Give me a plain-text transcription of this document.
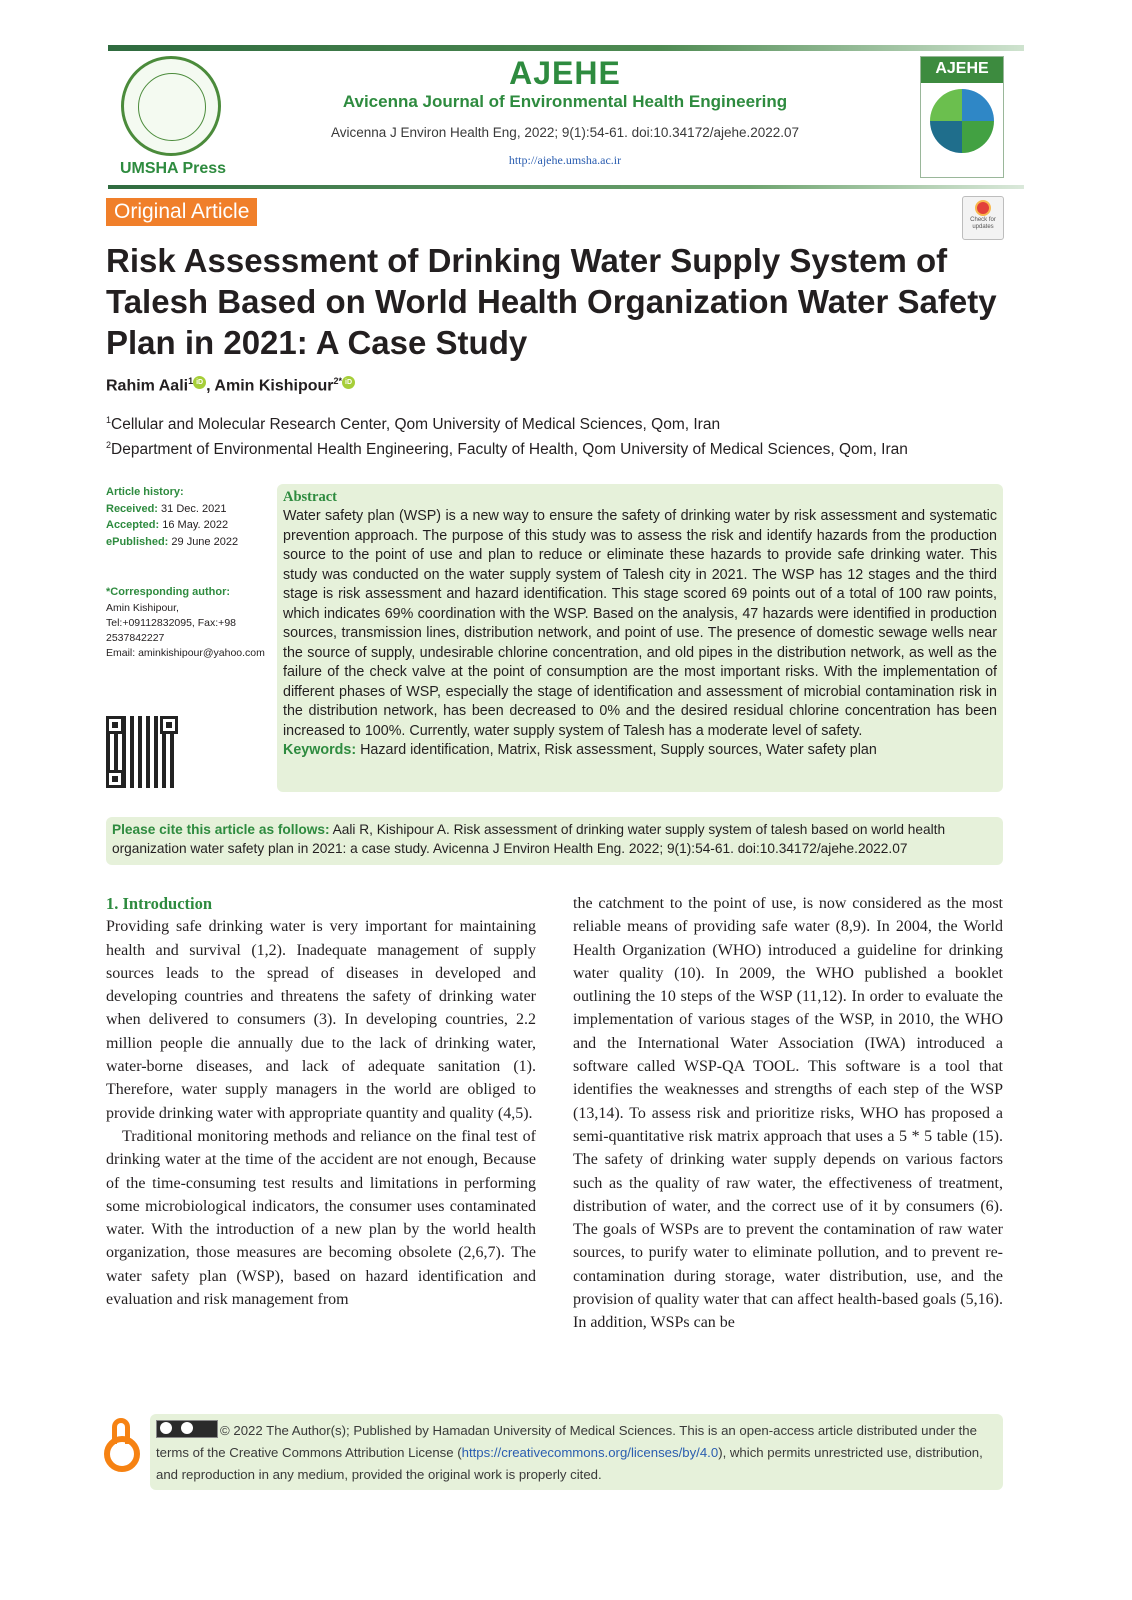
UMSHA Press
AJEHE
Avicenna Journal of Environmental Health Engineering
Avicenna J Environ Health Eng, 2022; 9(1):54-61. doi:10.34172/ajehe.2022.07
http://ajehe.umsha.ac.ir
AJEHE
Original Article	Check for updates
Risk Assessment of Drinking Water Supply System of Talesh Based on World Health Organization Water Safety Plan in 2021: A Case Study
Rahim Aali$^1$ iD , Amin Kishipour$^{2*}$ iD
$^1$Cellular and Molecular Research Center, Qom University of Medical Sciences, Qom, Iran
$^2$Department of Environmental Health Engineering, Faculty of Health, Qom University of Medical Sciences, Qom, Iran
Article history:
Received: 31 Dec. 2021
Accepted: 16 May. 2022
ePublished: 29 June 2022
*Corresponding author:
Amin Kishipour,
Tel:+09112832095, Fax:+98 2537842227
Email: aminkishipour@yahoo.com
Abstract

Water safety plan (WSP) is a new way to ensure the safety of drinking water by risk assessment and systematic prevention approach. The purpose of this study was to assess the risk and identify hazards from the production source to the point of use and plan to reduce or eliminate these hazards to provide safe drinking water. This study was conducted on the water supply system of Talesh city in 2021. The WSP has 12 stages and the third stage is risk assessment and hazard identification. This stage scored 69 points out of a total of 100 raw points, which indicates 69% coordination with the WSP. Based on the analysis, 47 hazards were identified in production sources, transmission lines, distribution network, and point of use. The presence of domestic sewage wells near the source of supply, undesirable chlorine concentration, and old pipes in the distribution network, as well as the failure of the check valve at the point of consumption are the most important risks. With the implementation of different phases of WSP, especially the stage of identification and assessment of microbial contamination risk in the distribution network, has been decreased to 0% and the desired residual chlorine concentration has been increased to 100%. Currently, water supply system of Talesh has a moderate level of safety.

Keywords: Hazard identification, Matrix, Risk assessment, Supply sources, Water safety plan

Please cite this article as follows: Aali R, Kishipour A. Risk assessment of drinking water supply system of talesh based on world health organization water safety plan in 2021: a case study. Avicenna J Environ Health Eng. 2022; 9(1):54-61. doi:10.34172/ajehe.2022.07
1. Introduction

Providing safe drinking water is very important for maintaining health and survival (1,2). Inadequate management of supply sources leads to the spread of diseases in developed and developing countries and threatens the safety of drinking water when delivered to consumers (3). In developing countries, 2.2 million people die annually due to the lack of drinking water, water-borne diseases, and lack of adequate sanitation (1). Therefore, water supply managers in the world are obliged to provide drinking water with appropriate quantity and quality (4,5).

Traditional monitoring methods and reliance on the final test of drinking water at the time of the accident are not enough, Because of the time-consuming test results and limitations in performing some microbiological indicators, the consumer uses contaminated water. With the introduction of a new plan by the world health organization, those measures are becoming obsolete (2,6,7). The water safety plan (WSP), based on hazard identification and evaluation and risk management from

the catchment to the point of use, is now considered as the most reliable means of providing safe water (8,9). In 2004, the World Health Organization (WHO) introduced a guideline for drinking water quality (10). In 2009, the WHO published a booklet outlining the 10 steps of the WSP (11,12). In order to evaluate the implementation of various stages of the WSP, in 2010, the WHO and the International Water Association (IWA) introduced a software called WSP-QA TOOL. This software is a tool that identifies the weaknesses and strengths of each step of the WSP (13,14). To assess risk and prioritize risks, WHO has proposed a semi-quantitative risk matrix approach that uses a 5 * 5 table (15). The safety of drinking water supply depends on various factors such as the quality of raw water, the effectiveness of treatment, distribution of water, and the correct use of it by consumers (6). The goals of WSPs are to prevent the contamination of raw water sources, to purify water to eliminate pollution, and to prevent re-contamination during storage, water distribution, use, and the provision of quality water that can affect health-based goals (5,16). In addition, WSPs can be

© 2022 The Author(s); Published by Hamadan University of Medical Sciences. This is an open-access article distributed under the terms of the Creative Commons Attribution License (https://creativecommons.org/licenses/by/4.0), which permits unrestricted use, distribution, and reproduction in any medium, provided the original work is properly cited.
